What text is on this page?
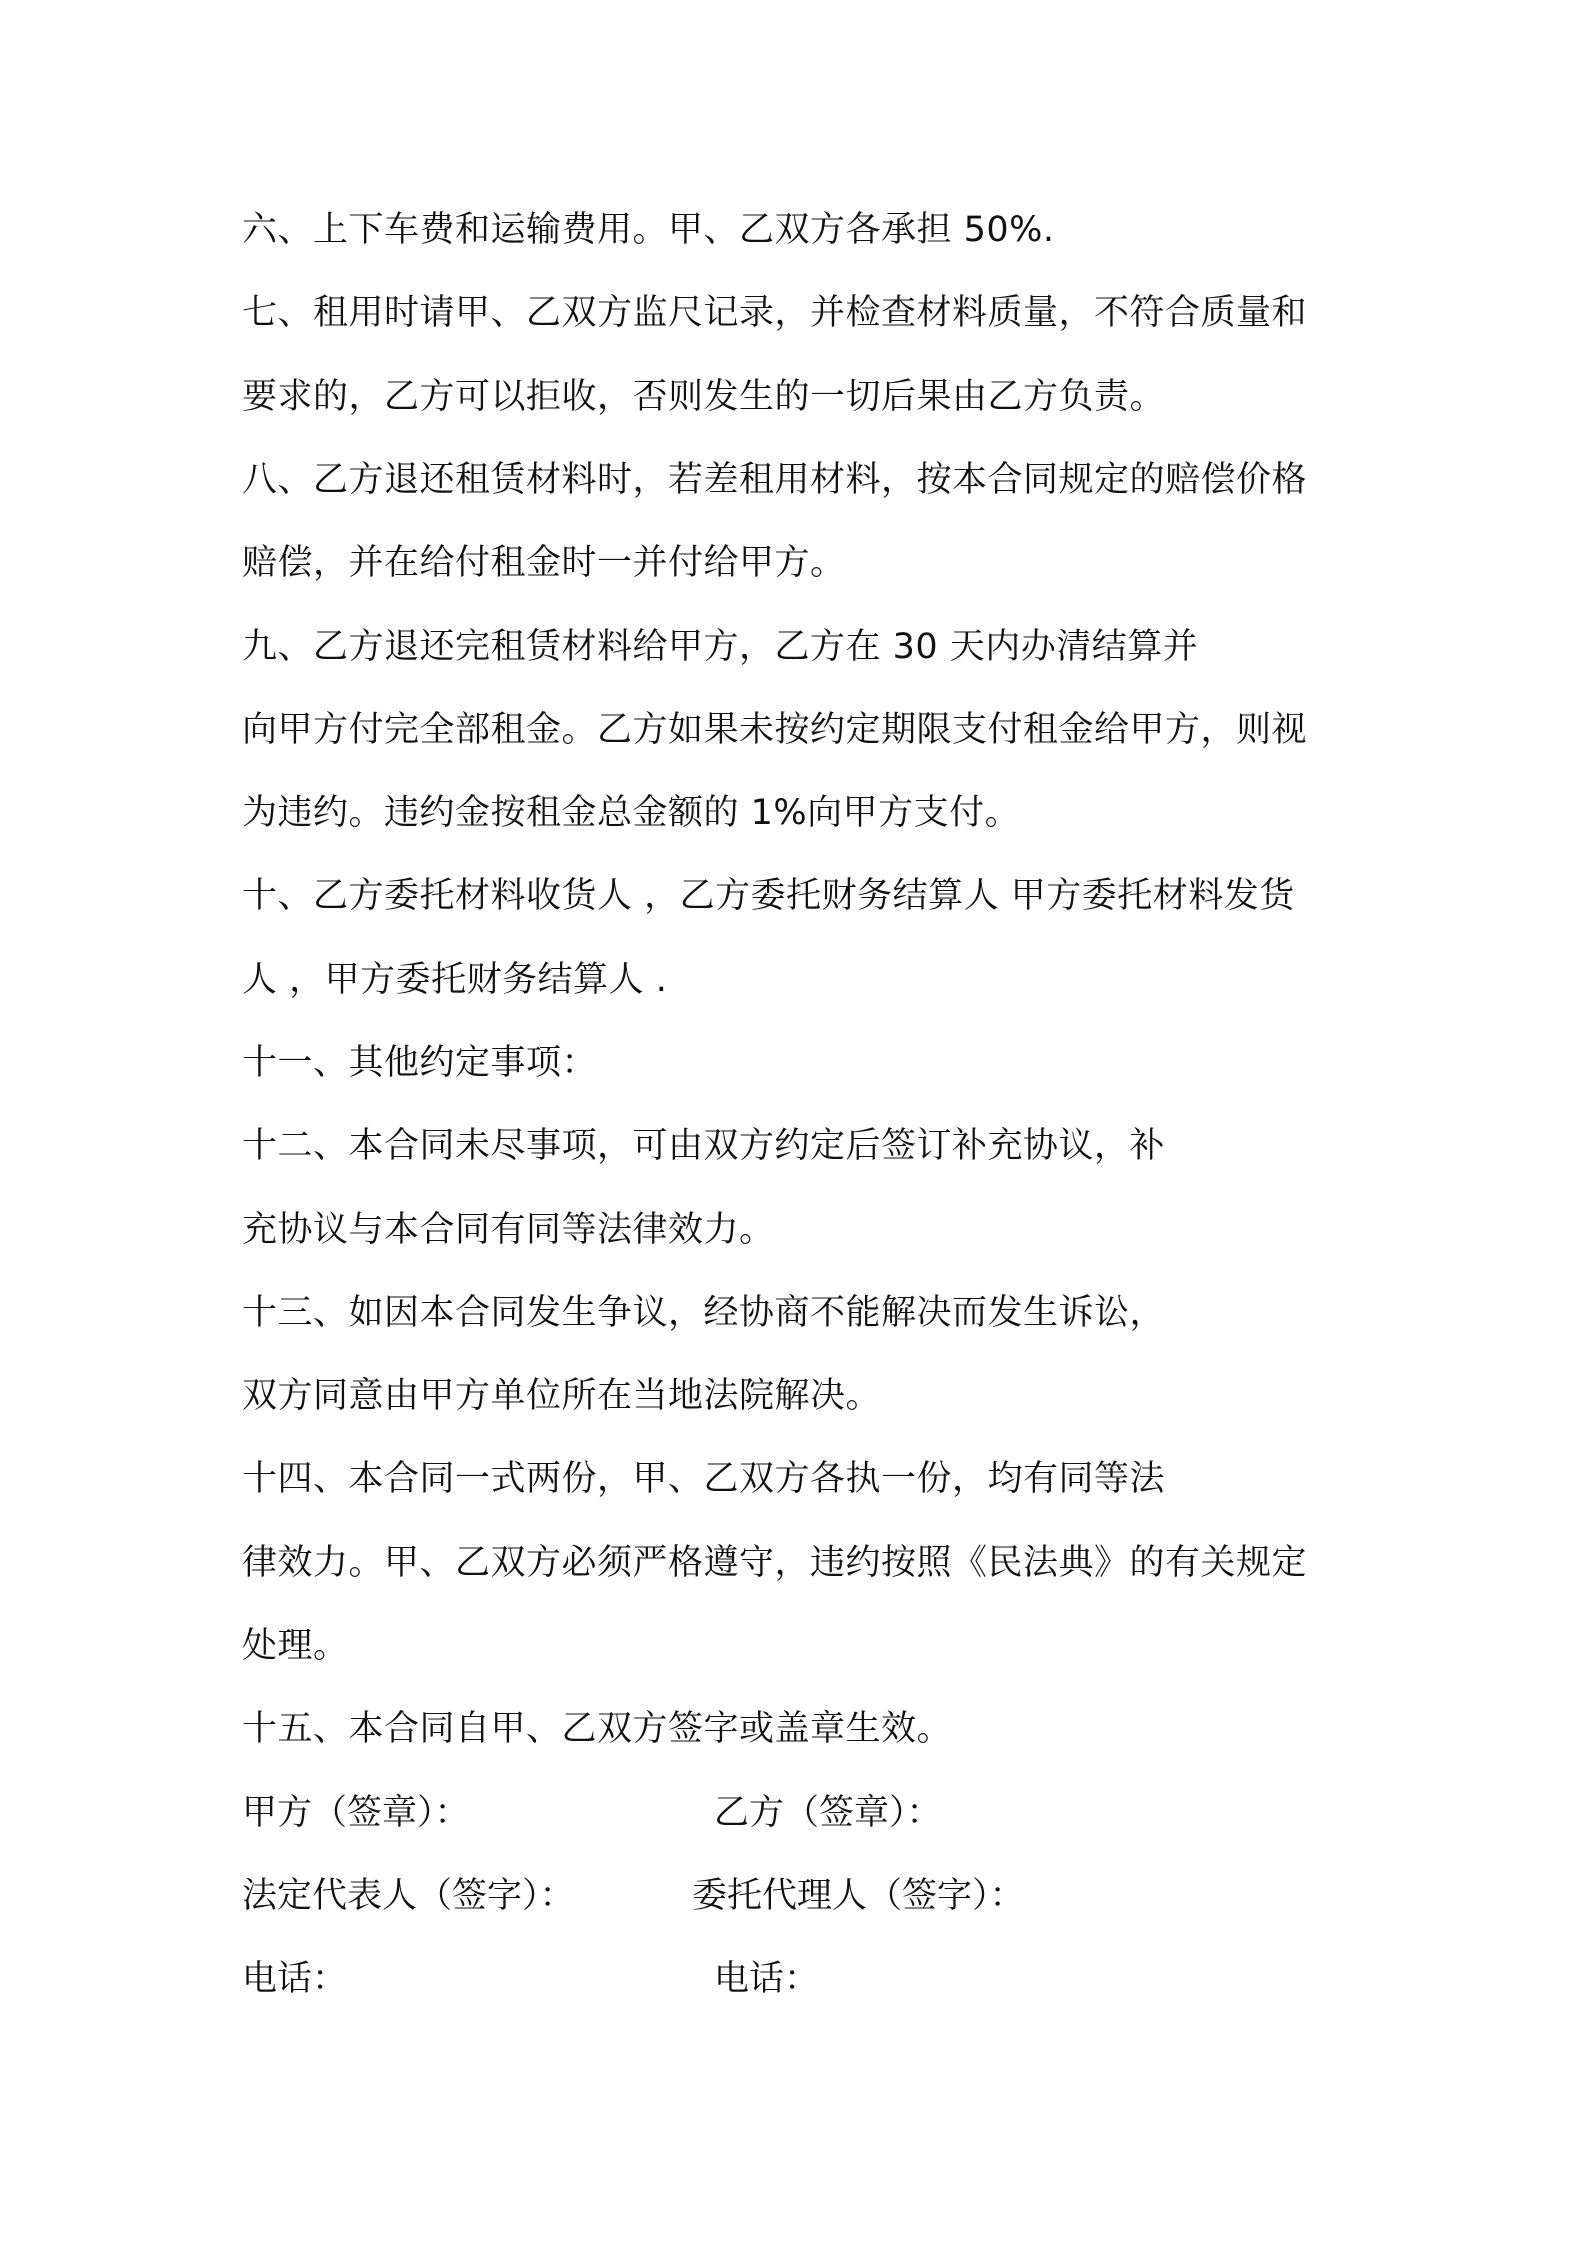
六、上下车费和运输费用。甲、乙双方各承担 50%.
七、租用时请甲、乙双方监尺记录，并检查材料质量，不符合质量和
要求的，乙方可以拒收，否则发生的一切后果由乙方负责。
八、乙方退还租赁材料时，若差租用材料，按本合同规定的赔偿价格
赔偿，并在给付租金时一并付给甲方。
九、乙方退还完租赁材料给甲方，乙方在 30 天内办清结算并
向甲方付完全部租金。乙方如果未按约定期限支付租金给甲方，则视
为违约。违约金按租金总金额的 1%向甲方支付。
十、乙方委托材料收货人 ，乙方委托财务结算人 甲方委托材料发货
人 ，甲方委托财务结算人 .
十一、其他约定事项：
十二、本合同未尽事项，可由双方约定后签订补充协议，补
充协议与本合同有同等法律效力。
十三、如因本合同发生争议，经协商不能解决而发生诉讼，
双方同意由甲方单位所在当地法院解决。
十四、本合同一式两份，甲、乙双方各执一份，均有同等法
律效力。甲、乙双方必须严格遵守，违约按照《民法典》的有关规定
处理。
十五、本合同自甲、乙双方签字或盖章生效。
甲方（签章）：	乙方（签章）：
法定代表人（签字）：	委托代理人（签字）：
电话：	电话：
